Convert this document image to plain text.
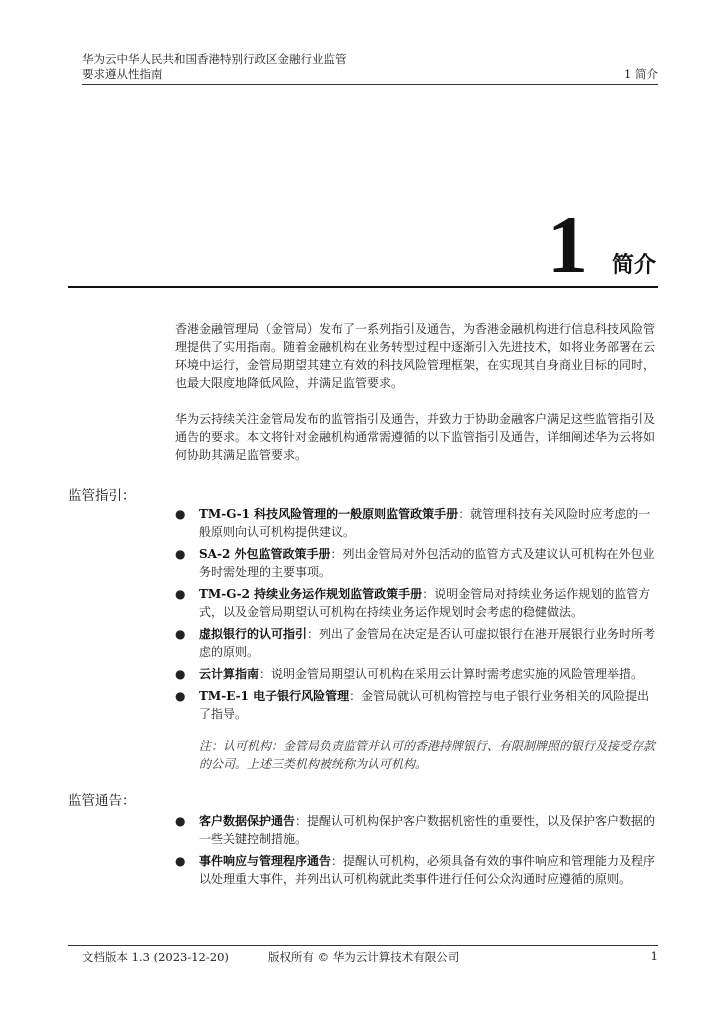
华为云中华人民共和国香港特别行政区金融行业监管
要求遵从性指南	1 简介
1 简介

香港金融管理局（金管局）发布了一系列指引及通告，为香港金融机构进行信息科技风险管理提供了实用指南。随着金融机构在业务转型过程中逐渐引入先进技术，如将业务部署在云环境中运行，金管局期望其建立有效的科技风险管理框架，在实现其自身商业目标的同时，也最大限度地降低风险，并满足监管要求。

华为云持续关注金管局发布的监管指引及通告，并致力于协助金融客户满足这些监管指引及通告的要求。本文将针对金融机构通常需遵循的以下监管指引及通告，详细阐述华为云将如何协助其满足监管要求。

监管指引：
● TM-G-1 科技风险管理的一般原则监管政策手册：就管理科技有关风险时应考虑的一般原则向认可机构提供建议。
● SA-2 外包监管政策手册：列出金管局对外包活动的监管方式及建议认可机构在外包业务时需处理的主要事项。
● TM-G-2 持续业务运作规划监管政策手册：说明金管局对持续业务运作规划的监管方式，以及金管局期望认可机构在持续业务运作规划时会考虑的稳健做法。
● 虚拟银行的认可指引：列出了金管局在决定是否认可虚拟银行在港开展银行业务时所考虑的原则。
● 云计算指南：说明金管局期望认可机构在采用云计算时需考虑实施的风险管理举措。
● TM-E-1 电子银行风险管理：金管局就认可机构管控与电子银行业务相关的风险提出了指导。

注：认可机构：金管局负责监管并认可的香港持牌银行、有限制牌照的银行及接受存款的公司。上述三类机构被统称为认可机构。

监管通告：
● 客户数据保护通告：提醒认可机构保护客户数据机密性的重要性，以及保护客户数据的一些关键控制措施。
● 事件响应与管理程序通告：提醒认可机构，必须具备有效的事件响应和管理能力及程序以处理重大事件，并列出认可机构就此类事件进行任何公众沟通时应遵循的原则。
文档版本 1.3 (2023-12-20)	版权所有 © 华为云计算技术有限公司	1
